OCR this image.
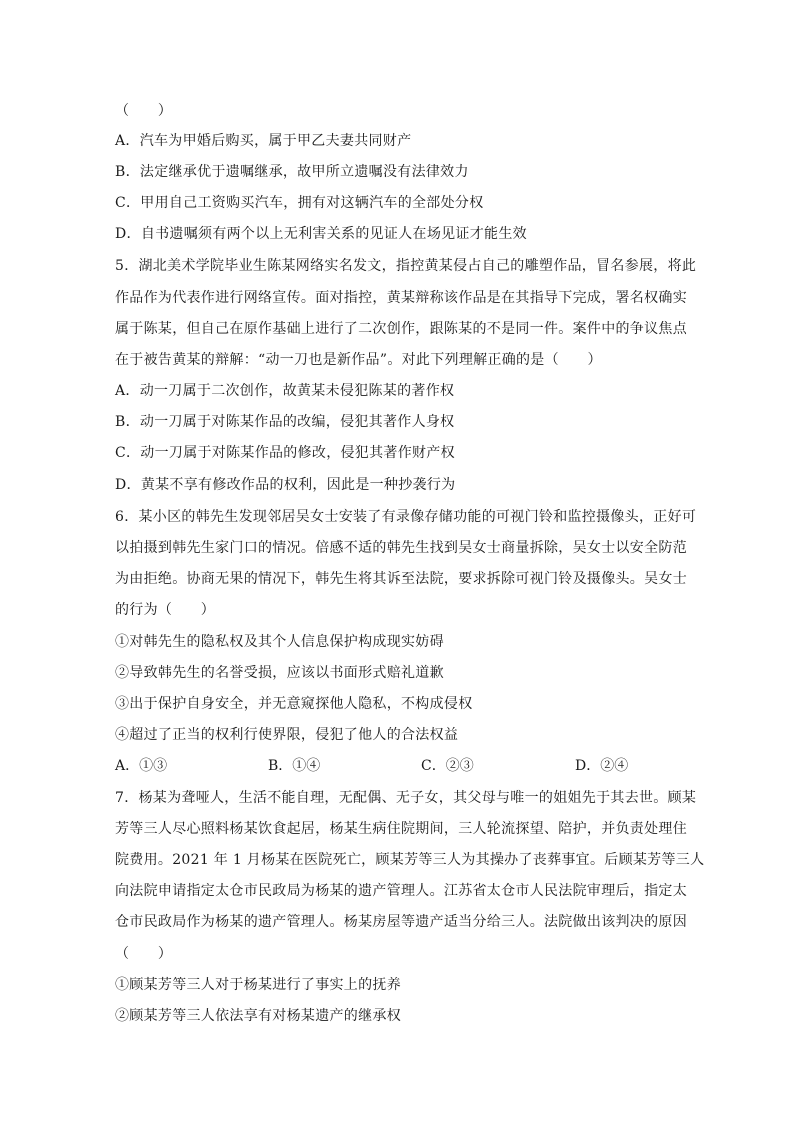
（　　）
A．汽车为甲婚后购买，属于甲乙夫妻共同财产
B．法定继承优于遗嘱继承，故甲所立遗嘱没有法律效力
C．甲用自己工资购买汽车，拥有对这辆汽车的全部处分权
D．自书遗嘱须有两个以上无利害关系的见证人在场见证才能生效
5．湖北美术学院毕业生陈某网络实名发文，指控黄某侵占自己的雕塑作品，冒名参展，将此
作品作为代表作进行网络宣传。面对指控，黄某辩称该作品是在其指导下完成，署名权确实
属于陈某，但自己在原作基础上进行了二次创作，跟陈某的不是同一件。案件中的争议焦点
在于被告黄某的辩解：“动一刀也是新作品”。对此下列理解正确的是（　　）
A．动一刀属于二次创作，故黄某未侵犯陈某的著作权
B．动一刀属于对陈某作品的改编，侵犯其著作人身权
C．动一刀属于对陈某作品的修改，侵犯其著作财产权
D．黄某不享有修改作品的权利，因此是一种抄袭行为
6．某小区的韩先生发现邻居吴女士安装了有录像存储功能的可视门铃和监控摄像头，正好可
以拍摄到韩先生家门口的情况。倍感不适的韩先生找到吴女士商量拆除，吴女士以安全防范
为由拒绝。协商无果的情况下，韩先生将其诉至法院，要求拆除可视门铃及摄像头。吴女士
的行为（　　）
①对韩先生的隐私权及其个人信息保护构成现实妨碍
②导致韩先生的名誉受损，应该以书面形式赔礼道歉
③出于保护自身安全，并无意窥探他人隐私，不构成侵权
④超过了正当的权利行使界限，侵犯了他人的合法权益
A．①③	B．①④	C．②③	D．②④
7．杨某为聋哑人，生活不能自理，无配偶、无子女，其父母与唯一的姐姐先于其去世。顾某
芳等三人尽心照料杨某饮食起居，杨某生病住院期间，三人轮流探望、陪护，并负责处理住
院费用。2021 年 1 月杨某在医院死亡，顾某芳等三人为其操办了丧葬事宜。后顾某芳等三人
向法院申请指定太仓市民政局为杨某的遗产管理人。江苏省太仓市人民法院审理后，指定太
仓市民政局作为杨某的遗产管理人。杨某房屋等遗产适当分给三人。法院做出该判决的原因
（　　）
①顾某芳等三人对于杨某进行了事实上的抚养
②顾某芳等三人依法享有对杨某遗产的继承权
